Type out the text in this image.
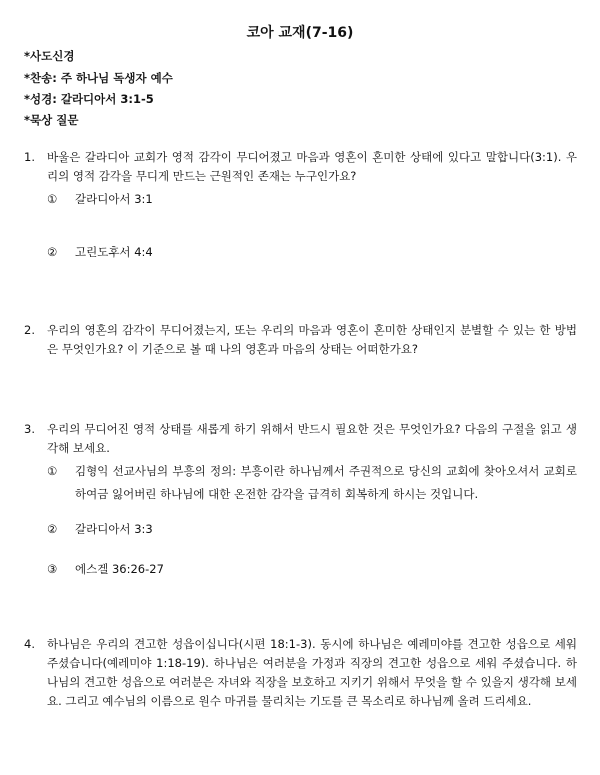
코아 교재(7-16)
*사도신경
*찬송: 주 하나님 독생자 예수
*성경: 갈라디아서 3:1-5
*묵상 질문
1. 바울은 갈라디아 교회가 영적 감각이 무디어졌고 마음과 영혼이 혼미한 상태에 있다고 말합니다(3:1). 우리의 영적 감각을 무디게 만드는 근원적인 존재는 누구인가요?
① 갈라디아서 3:1
② 고린도후서 4:4
2. 우리의 영혼의 감각이 무디어졌는지, 또는 우리의 마음과 영혼이 혼미한 상태인지 분별할 수 있는 한 방법은 무엇인가요? 이 기준으로 볼 때 나의 영혼과 마음의 상태는 어떠한가요?
3. 우리의 무디어진 영적 상태를 새롭게 하기 위해서 반드시 필요한 것은 무엇인가요? 다음의 구절을 읽고 생각해 보세요.
① 김형익 선교사님의 부흥의 정의: 부흥이란 하나님께서 주권적으로 당신의 교회에 찾아오셔서 교회로 하여금 잃어버린 하나님에 대한 온전한 감각을 급격히 회복하게 하시는 것입니다.
② 갈라디아서 3:3
③ 에스겔 36:26-27
4. 하나님은 우리의 견고한 성읍이십니다(시편 18:1-3). 동시에 하나님은 예레미야를 견고한 성읍으로 세워 주셨습니다(예레미야 1:18-19). 하나님은 여러분을 가정과 직장의 견고한 성읍으로 세워 주셨습니다. 하나님의 견고한 성읍으로 여러분은 자녀와 직장을 보호하고 지키기 위해서 무엇을 할 수 있을지 생각해 보세요. 그리고 예수님의 이름으로 원수 마귀를 물리치는 기도를 큰 목소리로 하나님께 올려 드리세요.
